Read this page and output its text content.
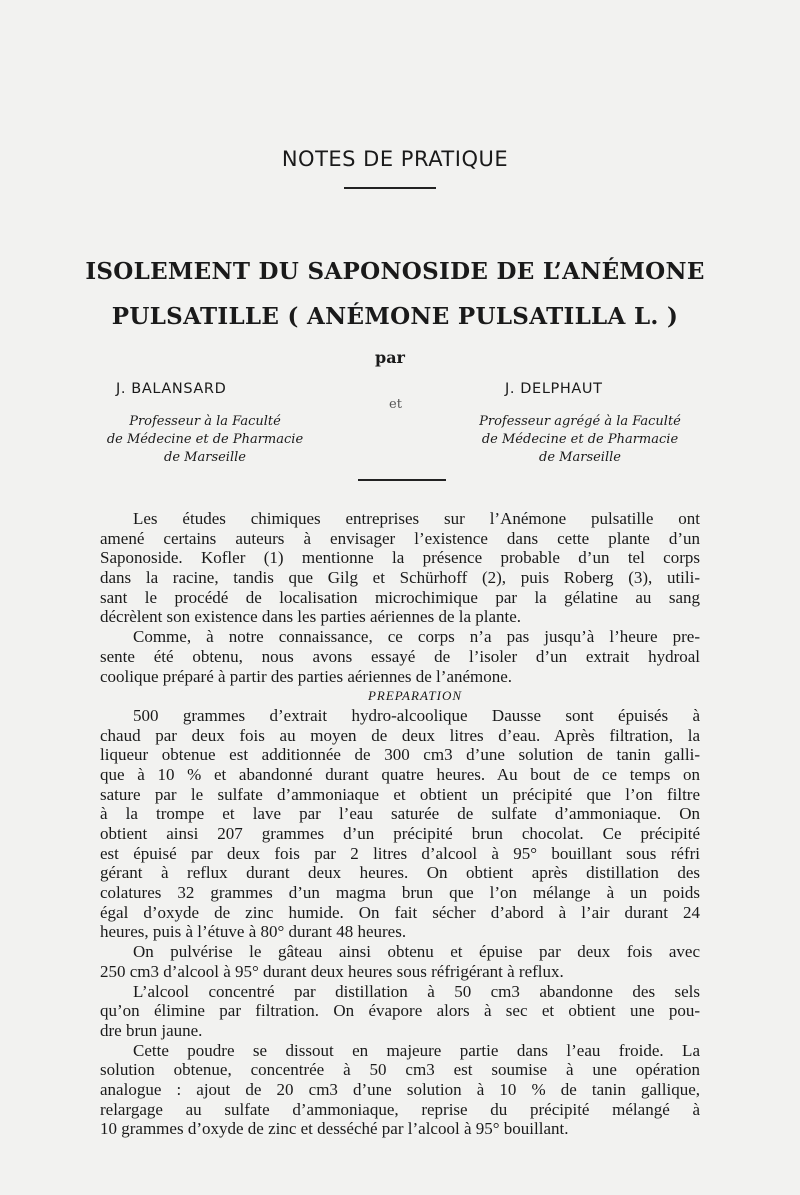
NOTES DE PRATIQUE
ISOLEMENT DU SAPONOSIDE DE L’ANÉMONE
PULSATILLE ( ANÉMONE PULSATILLA L. )
par
J. BALANSARD
et
J. DELPHAUT
Professeur à la Faculté
de Médecine et de Pharmacie
de Marseille
Professeur agrégé à la Faculté
de Médecine et de Pharmacie
de Marseille
Les études chimiques entreprises sur l’Anémone pulsatille ont
amené certains auteurs à envisager l’existence dans cette plante d’un
Saponoside. Kofler (1) mentionne la présence probable d’un tel corps
dans la racine, tandis que Gilg et Schürhoff (2), puis Roberg (3), utili-
sant le procédé de localisation microchimique par la gélatine au sang
décrèlent son existence dans les parties aériennes de la plante.
Comme, à notre connaissance, ce corps n’a pas jusqu’à l’heure pre-
sente été obtenu, nous avons essayé de l’isoler d’un extrait hydroal
coolique préparé à partir des parties aériennes de l’anémone.
PREPARATION
500 grammes d’extrait hydro-alcoolique Dausse sont épuisés à
chaud par deux fois au moyen de deux litres d’eau. Après filtration, la
liqueur obtenue est additionnée de 300 cm3 d’une solution de tanin galli-
que à 10 % et abandonné durant quatre heures. Au bout de ce temps on
sature par le sulfate d’ammoniaque et obtient un précipité que l’on filtre
à la trompe et lave par l’eau saturée de sulfate d’ammoniaque. On
obtient ainsi 207 grammes d’un précipité brun chocolat. Ce précipité
est épuisé par deux fois par 2 litres d’alcool à 95° bouillant sous réfri
gérant à reflux durant deux heures. On obtient après distillation des
colatures 32 grammes d’un magma brun que l’on mélange à un poids
égal d’oxyde de zinc humide. On fait sécher d’abord à l’air durant 24
heures, puis à l’étuve à 80° durant 48 heures.
On pulvérise le gâteau ainsi obtenu et épuise par deux fois avec
250 cm3 d’alcool à 95° durant deux heures sous réfrigérant à reflux.
L’alcool concentré par distillation à 50 cm3 abandonne des sels
qu’on élimine par filtration. On évapore alors à sec et obtient une pou-
dre brun jaune.
Cette poudre se dissout en majeure partie dans l’eau froide. La
solution obtenue, concentrée à 50 cm3 est soumise à une opération
analogue : ajout de 20 cm3 d’une solution à 10 % de tanin gallique,
relargage au sulfate d’ammoniaque, reprise du précipité mélangé à
10 grammes d’oxyde de zinc et desséché par l’alcool à 95° bouillant.
